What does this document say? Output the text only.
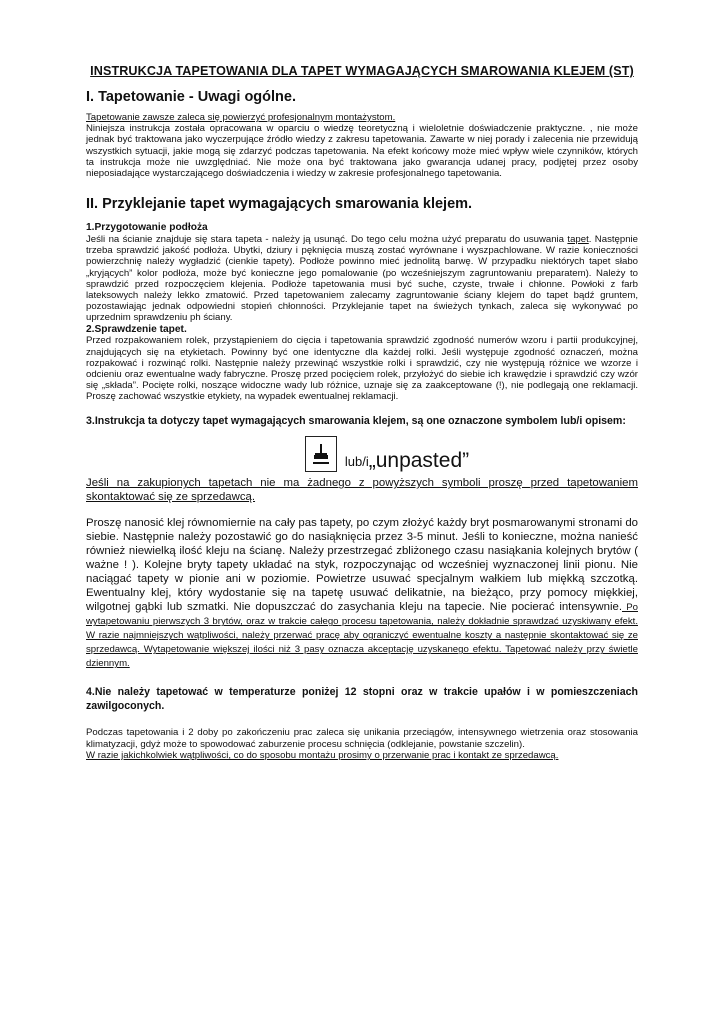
INSTRUKCJA TAPETOWANIA DLA TAPET WYMAGAJĄCYCH SMAROWANIA KLEJEM (ST)
I. Tapetowanie - Uwagi ogólne.

Tapetowanie zawsze zaleca się powierzyć profesjonalnym montażystom.

Niniejsza instrukcja została opracowana w oparciu o wiedzę teoretyczną i wieloletnie doświadczenie praktyczne. , nie może jednak być traktowana jako wyczerpujące źródło wiedzy z zakresu tapetowania. Zawarte w niej porady i zalecenia nie przewidują wszystkich sytuacji, jakie mogą się zdarzyć podczas tapetowania. Na efekt końcowy może mieć wpływ wiele czynników, których ta instrukcja może nie uwzględniać. Nie może ona być traktowana jako gwarancja udanej pracy, podjętej przez osoby nieposiadające wystarczającego doświadczenia i wiedzy w zakresie profesjonalnego tapetowania.

II. Przyklejanie tapet wymagających smarowania klejem.

1.Przygotowanie podłoża

Jeśli na ścianie znajduje się stara tapeta - należy ją usunąć. Do tego celu można użyć preparatu do usuwania tapet. Następnie trzeba sprawdzić jakość podłoża. Ubytki, dziury i pęknięcia muszą zostać wyrównane i wyszpachlowane. W razie konieczności powierzchnię należy wygładzić (cienkie tapety). Podłoże powinno mieć jednolitą barwę. W przypadku niektórych tapet słabo „kryjących” kolor podłoża, może być konieczne jego pomalowanie (po wcześniejszym zagruntowaniu preparatem). Należy to sprawdzić przed rozpoczęciem klejenia. Podłoże tapetowania musi być suche, czyste, trwałe i chłonne. Powłoki z farb lateksowych należy lekko zmatowić. Przed tapetowaniem zalecamy zagruntowanie ściany klejem do tapet bądź gruntem, pozostawiając jednak odpowiedni stopień chłonności. Przyklejanie tapet na świeżych tynkach, zaleca się wykonywać po uprzednim sprawdzeniu ph ściany.

2.Sprawdzenie tapet.

Przed rozpakowaniem rolek, przystąpieniem do cięcia i tapetowania sprawdzić zgodność numerów wzoru i partii produkcyjnej, znajdujących się na etykietach. Powinny być one identyczne dla każdej rolki. Jeśli występuje zgodność oznaczeń, można rozpakować i rozwinąć rolki. Następnie należy przewinąć wszystkie rolki i sprawdzić, czy nie występują różnice we wzorze i odcieniu oraz ewentualne wady fabryczne. Proszę przed pocięciem rolek, przyłożyć do siebie ich krawędzie i sprawdzić czy wzór się „składa”. Pocięte rolki, noszące widoczne wady lub różnice, uznaje się za zaakceptowane (!), nie podlegają one reklamacji. Proszę zachować wszystkie etykiety, na wypadek ewentualnej reklamacji.

3.Instrukcja ta dotyczy tapet wymagających smarowania klejem, są one oznaczone symbolem lub/i opisem:

lub/i „unpasted”

Jeśli na zakupionych tapetach nie ma żadnego z powyższych symboli proszę przed tapetowaniem skontaktować się ze sprzedawcą.

Proszę nanosić klej równomiernie na cały pas tapety, po czym złożyć każdy bryt posmarowanymi stronami do siebie. Następnie należy pozostawić go do nasiąknięcia przez 3-5 minut. Jeśli to konieczne, można nanieść również niewielką ilość kleju na ścianę. Należy przestrzegać zbliżonego czasu nasiąkania kolejnych brytów ( ważne ! ). Kolejne bryty tapety układać na styk, rozpoczynając od wcześniej wyznaczonej linii pionu. Nie naciągać tapety w pionie ani w poziomie. Powietrze usuwać specjalnym wałkiem lub miękką szczotką. Ewentualny klej, który wydostanie się na tapetę usuwać delikatnie, na bieżąco, przy pomocy miękkiej, wilgotnej gąbki lub szmatki. Nie dopuszczać do zasychania kleju na tapecie. Nie pocierać intensywnie. Po wytapetowaniu pierwszych 3 brytów, oraz w trakcie całego procesu tapetowania, należy dokładnie sprawdzać uzyskiwany efekt. W razie najmniejszych wątpliwości, należy przerwać pracę aby ograniczyć ewentualne koszty a następnie skontaktować się ze sprzedawcą. Wytapetowanie większej ilości niż 3 pasy oznacza akceptację uzyskanego efektu. Tapetować należy przy świetle dziennym.

4.Nie należy tapetować w temperaturze poniżej 12 stopni oraz w trakcie upałów i w pomieszczeniach zawilgoconych.

Podczas tapetowania i 2 doby po zakończeniu prac zaleca się unikania przeciągów, intensywnego wietrzenia oraz stosowania klimatyzacji, gdyż może to spowodować zaburzenie procesu schnięcia (odklejanie, powstanie szczelin).

W razie jakichkolwiek wątpliwości, co do sposobu montażu prosimy o przerwanie prac i kontakt ze sprzedawcą.
